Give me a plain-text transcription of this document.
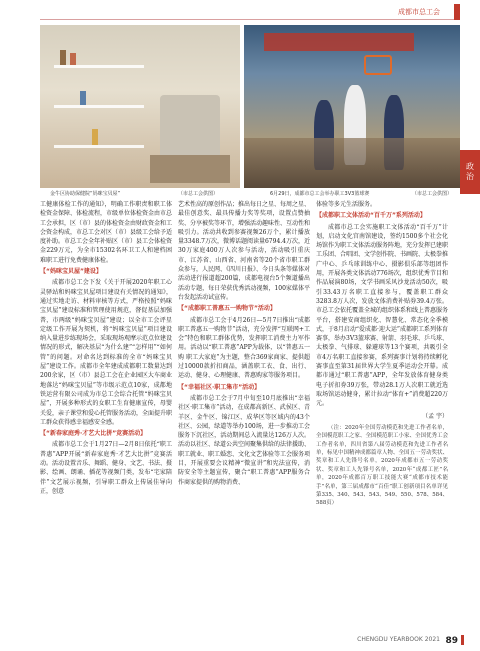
成都市总工会
政治
金牛区协助保健院“妈咪宝贝屋”	（市总工会供图）	6月29日，成都市总工会举办职工3V3篮球赛	（市总工会供图）

工健康体检工作的通知》，明确工作职责和职工体检资金保障、体检流程，市级单位体检资金由市总工会承担，区（市）县的体检资金由财政资金和工会资金构成，市总工会对区（市）县级工会给予适度补助。市总工会全年补贴区（市）县工会体检资金229万元，为全市15302名环卫工人和建档困难职工进行免费健康体检。

【“妈咪宝贝屋”建设】

成都市总工会下发《关于开展2020年职工心灵驿站和妈咪宝贝屋项目建设有关情况的通知》，通过实地走访、材料审核等方式，严格按照“妈咪宝贝屋”建设标准和管理使用规范，督促基层加强普，市两级“妈咪宝贝屋”建设；以全市工会评星定级工作开展为契机，将“妈咪宝贝屋”项目建设纳入量进步练现场会，采取现场观摩示范点位建设情况的形式，解决基层“为什么建”“怎样用”“如何管”的问题。对命名达到标准的全市“妈咪宝贝屋”建设工作。成都市全年建成成都职工数量达到200余家，区（市）县总工会在企业园区大车商业地落达“妈咪宝贝屋”等市级示范点10家，成都地铁运营有限公司成为市总工会综合托管“妈咪宝贝屋”，开展多种形式的女职工生育健康宣传，母婴关爱，亲子课堂和爱心托管服务活动，全面提升职工群众获得感幸福感安全感。

【“新春家庭秀·才艺大比拼”竞赛活动】

成都市总工会于1月27日—2月8日依托“职工普惠”APP开展“新春家庭秀·才艺大比拼”竞赛活动。活动设置音乐、舞蹈、健身、文艺、书法、摄影、绘画、朗诵、插花等视频门类，发布“宅家陪伴”文艺展示视频，引导职工群众上传展佳导向正，创意

艺术性高的原创作品；推出每日之星、每周之星、最佳创意奖、最具传播力奖等奖项，设置点赞抽奖、分享被奖等环节，增强活动趣味性、互动性和吸引力。活动共收到参赛视频26万个，累计播放量3348.7万次，微博话题阅读量6794.4万次，近30万家庭400万人次参与活动，活动吸引重庆市、江苏省、山西省、河南省等20个省市职工群众参与，人民网、《四川日报》、今日头条等媒体对活动进行报道超200篇，成都电视台5个频道播出活动专题，每日荣获优秀活动视频，100家媒体平台发起活动试宣传。

【“成都职工普惠五一购物节”活动】

成都市总工会于4月26日—5月7日推出“成都职工普惠五一购物节”活动，充分发挥“互联网+工会”特色和职工群体优势，发挥职工消费主力军作用。活动以“职工普惠”APP为载体，以“普惠五一购 职工大家庭”为主题，整合369家商家、提供超过10000款折扣商品，涵盖职工衣、食、出行、运动、健身、心理健康、普惠购家等服务项目。

【“幸福社区·职工集市”活动】

成都市总工会于7月中旬至10月底推出“幸福社区·职工集市”活动，在成都高新区、武侯区、青羊区、金牛区、锦江区、成华区等区域内的43个社区、公园，绿道等举办100场，进一步推动工会服务下沉社区，活动期间总入流量达126万人次。活动以社区、绿道公共空间聚集供给的法律援助、职工就业、职工婚恋、文化文艺体验等工会服务项目，开展重要会议精神“微宣讲”和宪法宣传，消防安全等主题宣传，聚合“职工普惠”APP服务合作商家提供的购物消费、

体验等多元生活服务。

【成都职工文体活动“百千万”系列活动】

成都市总工会实施职工文体活动“百千万”计划，启动文化宫南馆建设，签约1500多个社会化场馆作为职工文体活动服务阵地，充分发挥已建职工乐团、合唱团、文学创作院、书画院、太极拳推广中心、乒乓球训练中心、摄影俱乐部等组团作用，开展各类文体活动776场次，组织优秀节目和作品展演80场，文学书画采风沙龙活动50次，吸引33.43万名职工直接参与，覆盖职工群众3283.8万人次，发放文体消费补贴券39.4万张。市总工会依托覆盖全城的组织体系和线上普惠服务平台，搭建安商组织化、智慧化、常态化全季模式，于8月启动“爱成都·迎大运”成都职工系列体育赛事，举办3V3篮球赛、射箭、羽毛球、乒乓球、太极拳、气排球、躲避球等13个赛项，共吸引全市4万名职工直接参赛，系列赛事计划将持续孵化赛事直至第31届世界大学生夏季运动会开幕。成都市通过“职工普惠”APP，全年发放体育健身类电子折扣券39万张，带动28.1万人次职工就近选取场馆运动健身，累计拉动“体育+”消费超220万元。

（孟 宇）

（注：2020年全国劳动模范和先进工作者名单，全国模范职工之家、全国模范职工小家、全国优秀工会工作者名单，四川省第八届劳动模范和先进工作者名单，标见中国精神成都篇章人物、全国五一劳动奖状、奖章和工人先锋号名单，2020年成都市五一劳动奖状、奖章和工人先锋号名单，2020年“成都工匠”名单，2020年成都百万职工技能大赛“成都市技术能手”名单，第三届成都市“百佳”职工创新项目名单详见第335、340、543、543、549、550、578、584、588页）

CHENGDU YEARBOOK 2021 89
